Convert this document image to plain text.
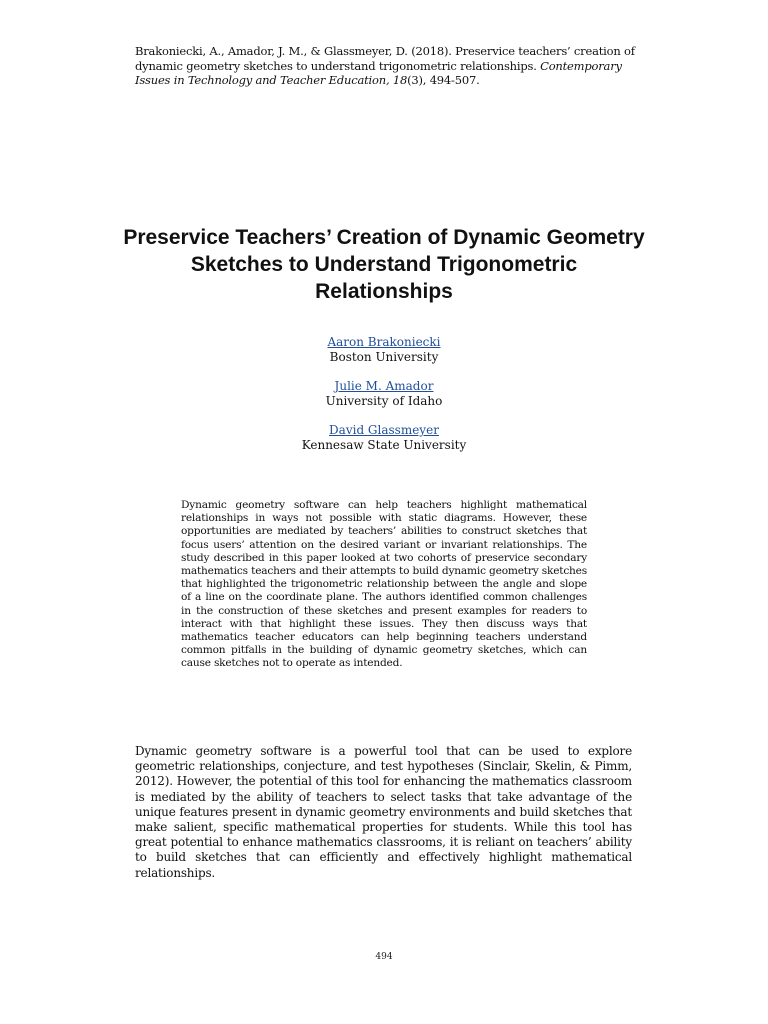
Brakoniecki, A., Amador, J. M., & Glassmeyer, D. (2018). Preservice teachers’ creation of dynamic geometry sketches to understand trigonometric relationships. Contemporary Issues in Technology and Teacher Education, 18(3), 494-507.
Preservice Teachers’ Creation of Dynamic Geometry Sketches to Understand Trigonometric Relationships
Aaron Brakoniecki
Boston University
Julie M. Amador
University of Idaho
David Glassmeyer
Kennesaw State University
Dynamic geometry software can help teachers highlight mathematical relationships in ways not possible with static diagrams. However, these opportunities are mediated by teachers’ abilities to construct sketches that focus users’ attention on the desired variant or invariant relationships. The study described in this paper looked at two cohorts of preservice secondary mathematics teachers and their attempts to build dynamic geometry sketches that highlighted the trigonometric relationship between the angle and slope of a line on the coordinate plane. The authors identified common challenges in the construction of these sketches and present examples for readers to interact with that highlight these issues. They then discuss ways that mathematics teacher educators can help beginning teachers understand common pitfalls in the building of dynamic geometry sketches, which can cause sketches not to operate as intended.
Dynamic geometry software is a powerful tool that can be used to explore geometric relationships, conjecture, and test hypotheses (Sinclair, Skelin, & Pimm, 2012). However, the potential of this tool for enhancing the mathematics classroom is mediated by the ability of teachers to select tasks that take advantage of the unique features present in dynamic geometry environments and build sketches that make salient, specific mathematical properties for students. While this tool has great potential to enhance mathematics classrooms, it is reliant on teachers’ ability to build sketches that can efficiently and effectively highlight mathematical relationships.
494
